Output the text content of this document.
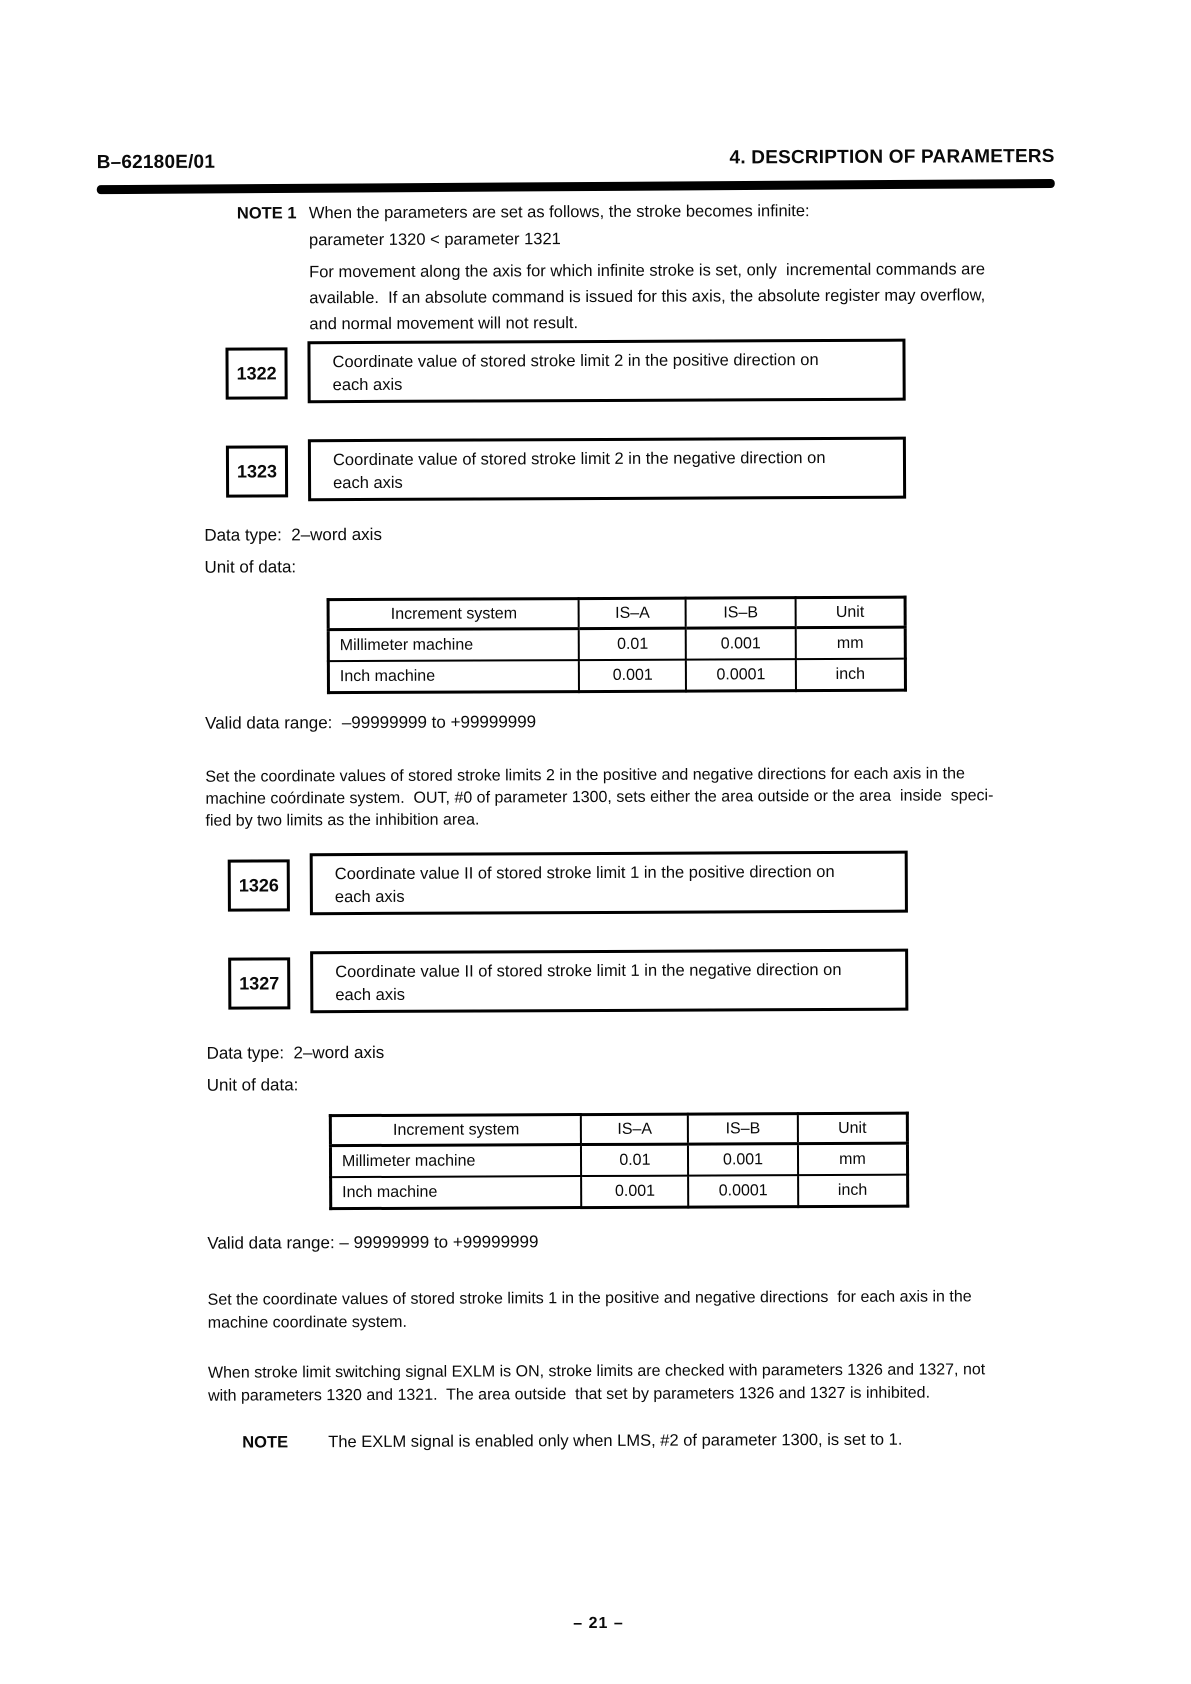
B–62180E/01	4. DESCRIPTION OF PARAMETERS
NOTE 1 When the parameters are set as follows, the stroke becomes infinite:
parameter 1320 < parameter 1321
For movement along the axis for which infinite stroke is set, only  incremental commands are
available.  If an absolute command is issued for this axis, the absolute register may overflow,
and normal movement will not result.
1322
Coordinate value of stored stroke limit 2 in the positive direction on
each axis
1323
Coordinate value of stored stroke limit 2 in the negative direction on
each axis
Data type:  2–word axis
Unit of data:
Increment system	IS–A	IS–B	Unit
Millimeter machine	0.01	0.001	mm
Inch machine	0.001	0.0001	inch
Valid data range:  –99999999 to +99999999
Set the coordinate values of stored stroke limits 2 in the positive and negative directions for each axis in the
machine coórdinate system.  OUT, #0 of parameter 1300, sets either the area outside or the area  inside  speci-
fied by two limits as the inhibition area.
1326
Coordinate value II of stored stroke limit 1 in the positive direction on
each axis
1327
Coordinate value II of stored stroke limit 1 in the negative direction on
each axis
Data type:  2–word axis
Unit of data:
Increment system	IS–A	IS–B	Unit
Millimeter machine	0.01	0.001	mm
Inch machine	0.001	0.0001	inch
Valid data range: – 99999999 to +99999999
Set the coordinate values of stored stroke limits 1 in the positive and negative directions  for each axis in the
machine coordinate system.
When stroke limit switching signal EXLM is ON, stroke limits are checked with parameters 1326 and 1327, not
with parameters 1320 and 1321.  The area outside  that set by parameters 1326 and 1327 is inhibited.
NOTE The EXLM signal is enabled only when LMS, #2 of parameter 1300, is set to 1.
– 21 –
